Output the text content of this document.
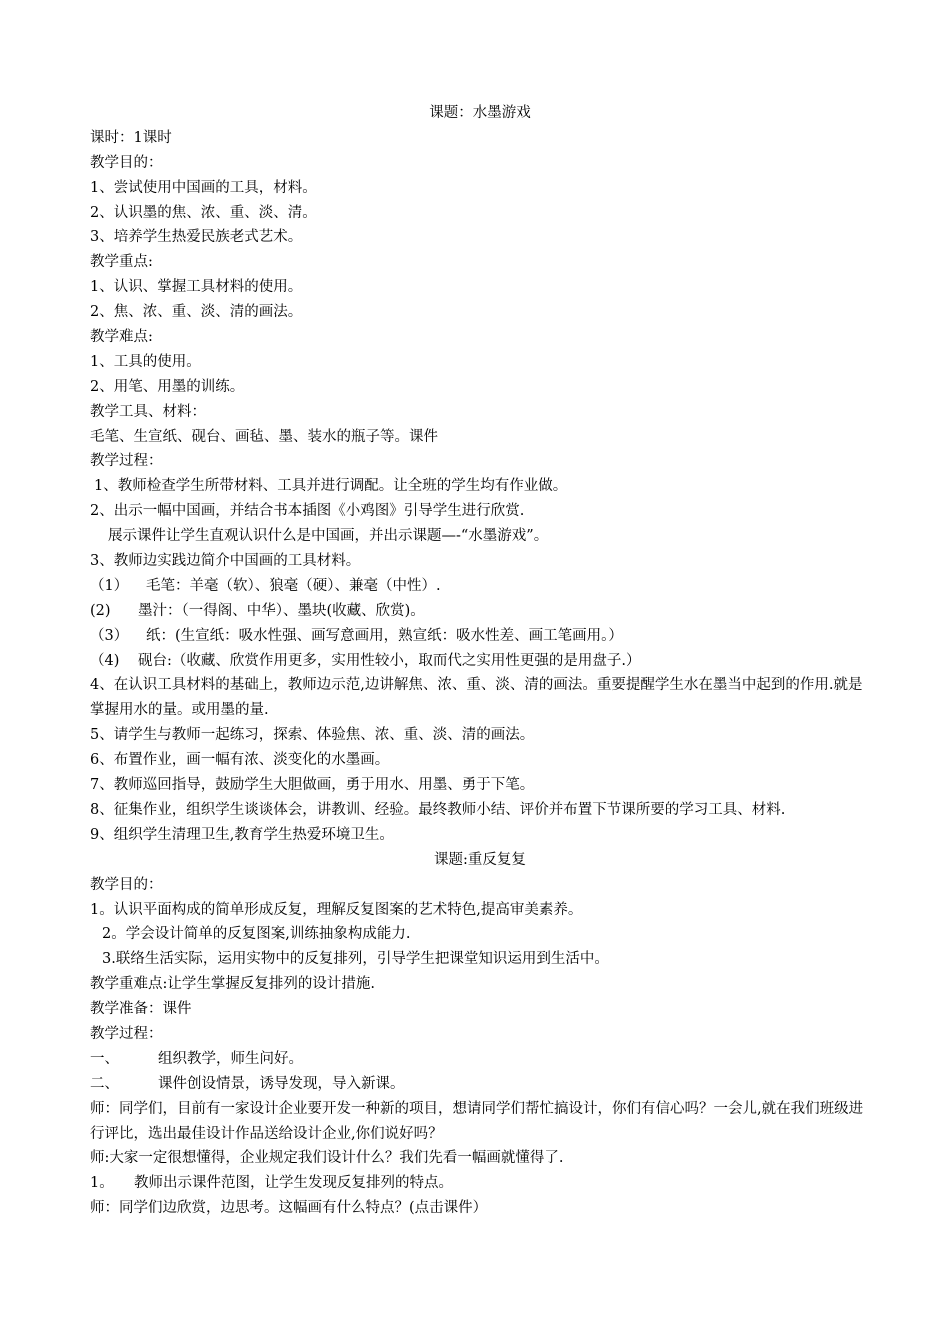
课题：水墨游戏
课时：1课时
教学目的：
1、尝试使用中国画的工具，材料。
2、认识墨的焦、浓、重、淡、清。
3、培养学生热爱民族老式艺术。
教学重点:
1、认识、掌握工具材料的使用。
2、焦、浓、重、淡、清的画法。
教学难点:
1、工具的使用。
2、用笔、用墨的训练。
教学工具、材料：
毛笔、生宣纸、砚台、画毡、墨、装水的瓶子等。课件
教学过程：
1、教师检查学生所带材料、工具并进行调配。让全班的学生均有作业做。
2、出示一幅中国画，并结合书本插图《小鸡图》引导学生进行欣赏.
展示课件让学生直观认识什么是中国画，并出示课题—-“水墨游戏”。
3、教师边实践边简介中国画的工具材料。
（1） 毛笔：羊毫（软）、狼毫（硬）、兼毫（中性）.
(2) 墨汁：（一得阁、中华）、墨块(收藏、欣赏)。
（3） 纸：(生宣纸：吸水性强、画写意画用，熟宣纸：吸水性差、画工笔画用。）
（4) 砚台:（收藏、欣赏作用更多，实用性较小，取而代之实用性更强的是用盘子.）
4、在认识工具材料的基础上，教师边示范,边讲解焦、浓、重、淡、清的画法。重要提醒学生水在墨当中起到的作用.就是掌握用水的量。或用墨的量.
5、请学生与教师一起练习，探索、体验焦、浓、重、淡、清的画法。
6、布置作业，画一幅有浓、淡变化的水墨画。
7、教师巡回指导，鼓励学生大胆做画，勇于用水、用墨、勇于下笔。
8、征集作业，组织学生谈谈体会，讲教训、经验。最终教师小结、评价并布置下节课所要的学习工具、材料.
9、组织学生清理卫生,教育学生热爱环境卫生。
课题:重反复复
教学目的：
1。认识平面构成的简单形成反复，理解反复图案的艺术特色,提高审美素养。
2。学会设计简单的反复图案,训练抽象构成能力.
3.联络生活实际，运用实物中的反复排列，引导学生把课堂知识运用到生活中。
教学重难点:让学生掌握反复排列的设计措施.
教学准备：课件
教学过程：
一、	组织教学，师生问好。
二、	课件创设情景，诱导发现，导入新课。
师：同学们，目前有一家设计企业要开发一种新的项目，想请同学们帮忙搞设计，你们有信心吗？一会儿,就在我们班级进行评比，选出最佳设计作品送给设计企业,你们说好吗？
师:大家一定很想懂得，企业规定我们设计什么？我们先看一幅画就懂得了.
1。 教师出示课件范图，让学生发现反复排列的特点。
师：同学们边欣赏，边思考。这幅画有什么特点？(点击课件）
